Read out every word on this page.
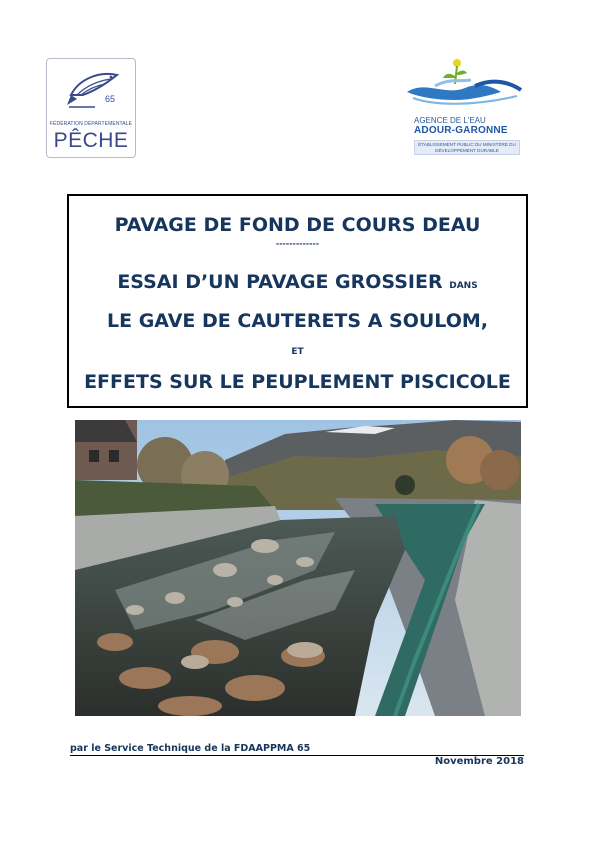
65
FÉDÉRATION DÉPARTEMENTALE
PÊCHE
AGENCE DE L'EAU
ADOUR-GARONNE
ÉTABLISSEMENT PUBLIC DU MINISTÈRE DU DÉVELOPPEMENT DURABLE
PAVAGE DE FOND DE COURS DEAU
-------------
ESSAI D’UN PAVAGE GROSSIER DANS
LE GAVE DE CAUTERETS A SOULOM,
ET
EFFETS SUR LE PEUPLEMENT PISCICOLE
par le Service Technique de la FDAAPPMA 65
Novembre 2018
